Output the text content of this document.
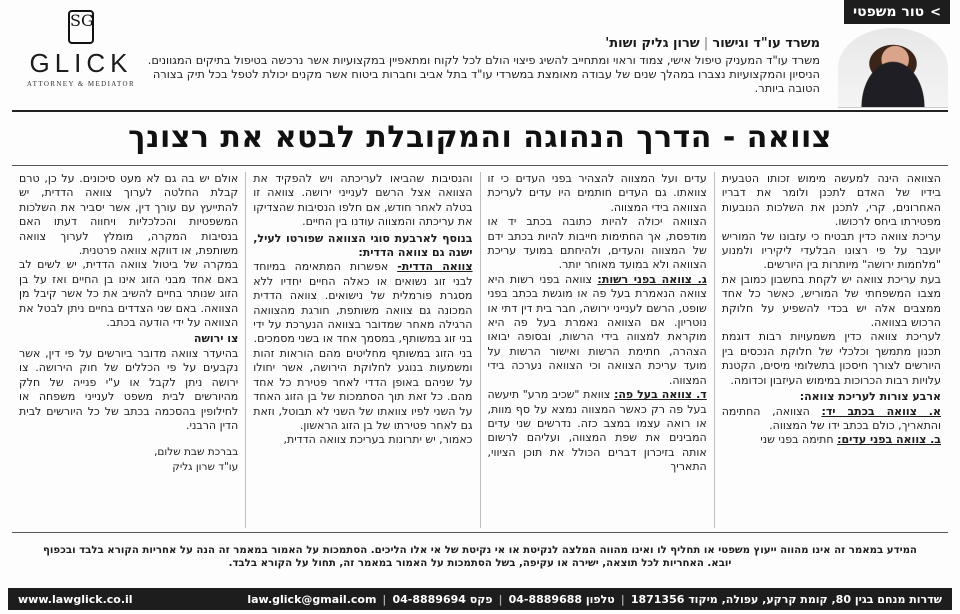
>
טור משפטי
SG
GLICK
ATTORNEY & MEDIATOR
משרד עו"ד וגישור|שרון גליק ושות'
משרד עו"ד המעניק טיפול אישי, צמוד וראוי ומתחייב להשיג פיצוי הולם לכל לקוח ומתאפיין במקצועיות אשר נרכשה בטיפול בתיקים המגוונים. הניסיון והמקצועיות נצברו במהלך שנים של עבודה מאומצת במשרדי עו"ד בתל אביב וחברות ביטוח אשר מקנים יכולת לטפל בכל תיק בצורה הטובה ביותר.
צוואה - הדרך הנהוגה והמקובלת לבטא את רצונך

הצוואה הינה למעשה מימוש זכותו הטבעית בידיו של האדם לתכנן ולומר את דבריו האחרונים, קרי, לתכנן את השלכות הנובעות מפטירתו ביחס לרכושו.

עריכת צוואה כדין תבטיח כי עזבונו של המוריש יועבר על פי רצונו הבלעדי ליקיריו ולמנוע "מלחמות ירושה" מיותרות בין היורשים.

בעת עריכת צוואה יש לקחת בחשבון כמובן את מצבו המשפחתי של המוריש, כאשר כל אחד ממצבים אלה יש בכדי להשפיע על חלוקת הרכוש בצוואה.

לעריכת צוואה כדין משמעויות רבות דוגמת תכנון מתמשך וכלכלי של חלוקת הנכסים בין היורשים לצורך חיסכון בתשלומי מיסים, הקטנת עלויות רבות הכרוכות במימוש העיזבון וכדומה.

ארבע צורות לעריכת צוואה:

א. צוואה בכתב יד: הצוואה, החתימה והתאריך, כולם בכתב ידו של המצווה.

ב. צוואה בפני עדים: חתימה בפני שני

עדים ועל המצווה להצהיר בפני העדים כי זו צוואתו. גם העדים חותמים היו עדים לעריכת הצוואה בידי המצווה.

הצוואה יכולה להיות כתובה בכתב יד או מודפסת, אך החתימות חייבות להיות בכתב ידם של המצווה והעדים, ולהיחתם במועד עריכת הצוואה ולא במועד מאוחר יותר.

ג. צוואה בפני רשות: צוואה בפני רשות היא צוואה הנאמרת בעל פה או מוגשת בכתב בפני שופט, הרשם לענייני ירושה, חבר בית דין דתי או נוטריון. אם הצוואה נאמרת בעל פה היא מוקראת למצווה בידי הרשות, ובסופה יבואו הצהרה, חתימת הרשות ואישור הרשות על מועד עריכת הצוואה וכי הצוואה נערכה בידי המצווה.

ד. צוואה בעל פה: צוואת "שכיב מרע" תיעשה בעל פה רק כאשר המצווה נמצא על סף מוות, או רואה עצמו במצב כזה. נדרשים שני עדים המבינים את שפת המצווה, ועליהם לרשום אותה בזיכרון דברים הכולל את תוכן הציווי, התאריך

והנסיבות שהביאו לעריכתה ויש להפקיד את הצוואה אצל הרשם לענייני ירושה. צוואה זו בטלה לאחר חודש, אם חלפו הנסיבות שהצדיקו את עריכתה והמצווה עודנו בין החיים.

בנוסף לארבעת סוגי הצוואה שפורטו לעיל, ישנה גם צוואה הדדית:

צוואה הדדית- אפשרות המתאימה במיוחד לבני זוג נשואים או כאלה החיים יחדיו ללא מסגרת פורמלית של נישואים. צוואה הדדית המכונה גם צוואה משותפת, חורגת מהצוואה הרגילה מאחר שמדובר בצוואה הנערכת על ידי בני זוג במשותף, במסמך אחד או בשני מסמכים.

בני הזוג במשותף מחליטים מהם הוראות זהות ומשמעות בנוגע לחלוקת הירושה, אשר יחולו על שניהם באופן הדדי לאחר פטירת כל אחד מהם. כל זאת תוך הסתמכות של בן הזוג האחד על השני לפיו צוואתו של השני לא תבוטל, וזאת גם לאחר פטירתו של בן הזוג הראשון.

כאמור, יש יתרונות בעריכת צוואה הדדית,

אולם יש בה גם לא מעט סיכונים. על כן, טרם קבלת החלטה לערוך צוואה הדדית, יש להתייעץ עם עורך דין, אשר יסביר את השלכות המשפטיות והכלכליות ויחווה דעתו האם בנסיבות המקרה, מומלץ לערוך צוואה משותפת, או דווקא צוואה פרטנית.

במקרה של ביטול צוואה הדדית, יש לשים לב באם אחד מבני הזוג אינו בן החיים ואז על בן הזוג שנותר בחיים להשיב את כל אשר קיבל מן הצוואה. באם שני הצדדים בחיים ניתן לבטל את הצוואה על ידי הודעה בכתב.

צו ירושה

בהיעדר צוואה מדובר ביורשים על פי דין, אשר נקבעים על פי הכללים של חוק הירושה. צו ירושה ניתן לקבל או ע"י פנייה של חלק מהיורשים לבית משפט לענייני משפחה או לחילופין בהסכמה בכתב של כל היורשים לבית הדין הרבני.

בברכת שבת שלום,
עו"ד שרון גליק
המידע במאמר זה אינו מהווה ייעוץ משפטי או תחליף לו ואינו מהווה המלצה לנקיטת או אי נקיטת של אי אלו הליכים. הסתמכות על האמור במאמר זה הנה על אחריות הקורא בלבד ובכפוף יובא. האחריות לכל תוצאה, ישירה או עקיפה, בשל הסתמכות על האמור במאמר זה, תחול על הקורא בלבד.
שדרות מנחם בגין 80, קומת קרקע, עפולה, מיקוד 1871356
|
טלפון 04-8889688
|
פקס 04-8889694
|
law.glick@gmail.com
www.lawglick.co.il
